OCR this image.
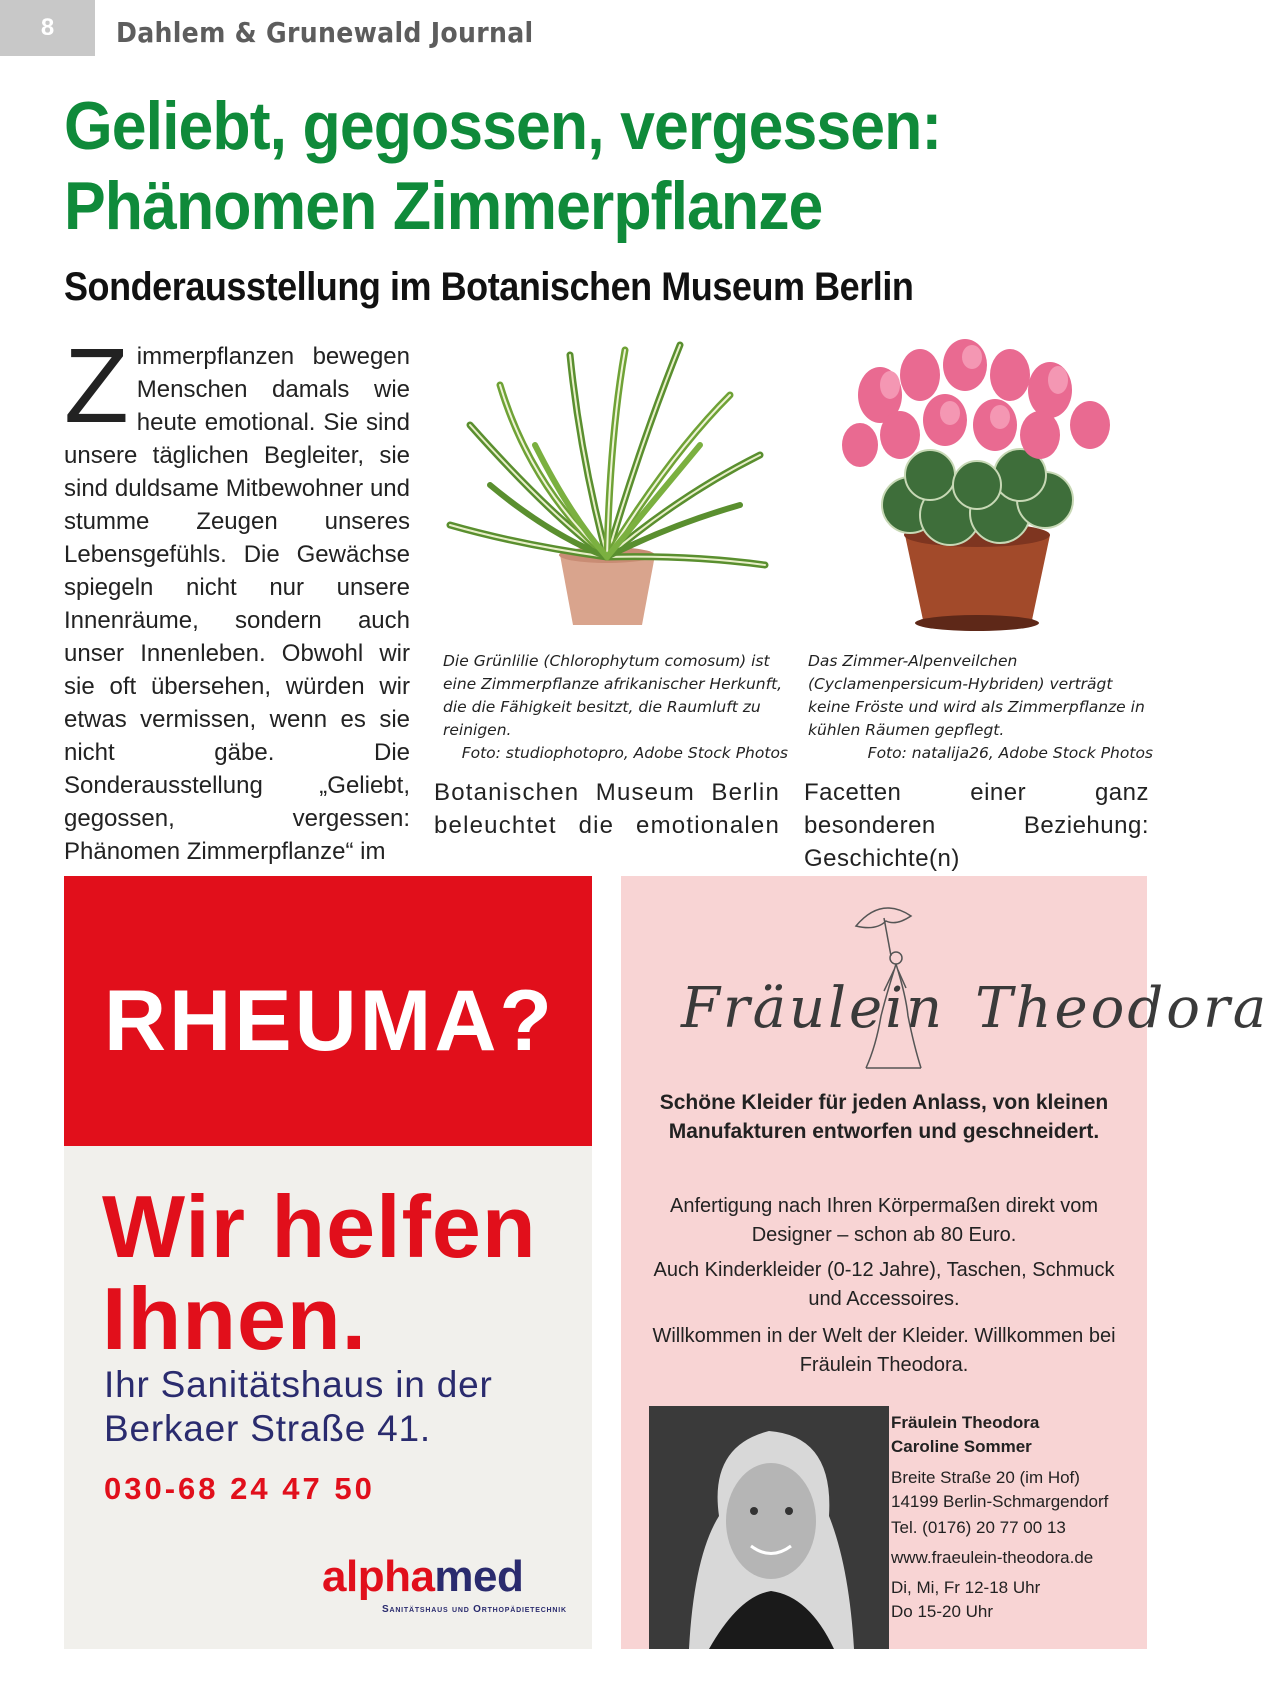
8	Dahlem & Grunewald Journal
Geliebt, gegossen, vergessen:
Phänomen Zimmerpflanze
Sonderausstellung im Botanischen Museum Berlin
Zimmerpflanzen bewegen Menschen damals wie heute emotional. Sie sind unsere täglichen Begleiter, sie sind duldsame Mitbewohner und stumme Zeugen unseres Lebensgefühls. Die Gewächse spiegeln nicht nur unsere Innenräume, sondern auch unser Innenleben. Obwohl wir sie oft übersehen, würden wir etwas vermissen, wenn es sie nicht gäbe. Die Sonderausstellung „Geliebt, gegossen, vergessen: Phänomen Zimmerpflanze“ im
Die Grünlilie (Chlorophytum comosum) ist eine Zimmerpflanze afrikanischer Herkunft, die die Fähigkeit besitzt, die Raumluft zu reinigen.
Foto: studiophotopro, Adobe Stock Photos
Das Zimmer-Alpenveilchen (Cyclamenpersicum-Hybriden) verträgt keine Fröste und wird als Zimmerpflanze in kühlen Räumen gepflegt.
Foto: natalija26, Adobe Stock Photos
Botanischen Museum Berlin beleuchtet die emotionalen
Facetten einer ganz besonderen Beziehung: Geschichte(n)
RHEUMA?
Wir helfen
Ihnen.
Ihr Sanitätshaus in der
Berkaer Straße 41.
030-68 24 47 50
alphamed
Sanitätshaus und Orthopädietechnik
Fräulein Theodora
Schöne Kleider für jeden Anlass, von kleinen Manufakturen entworfen und geschneidert.
Anfertigung nach Ihren Körpermaßen direkt vom Designer – schon ab 80 Euro.
Auch Kinderkleider (0-12 Jahre), Taschen, Schmuck und Accessoires.
Willkommen in der Welt der Kleider. Willkommen bei Fräulein Theodora.
Fräulein Theodora
Caroline Sommer
Breite Straße 20 (im Hof)
14199 Berlin-Schmargendorf
Tel. (0176) 20 77 00 13
www.fraeulein-theodora.de
Di, Mi, Fr 12-18 Uhr
Do 15-20 Uhr
